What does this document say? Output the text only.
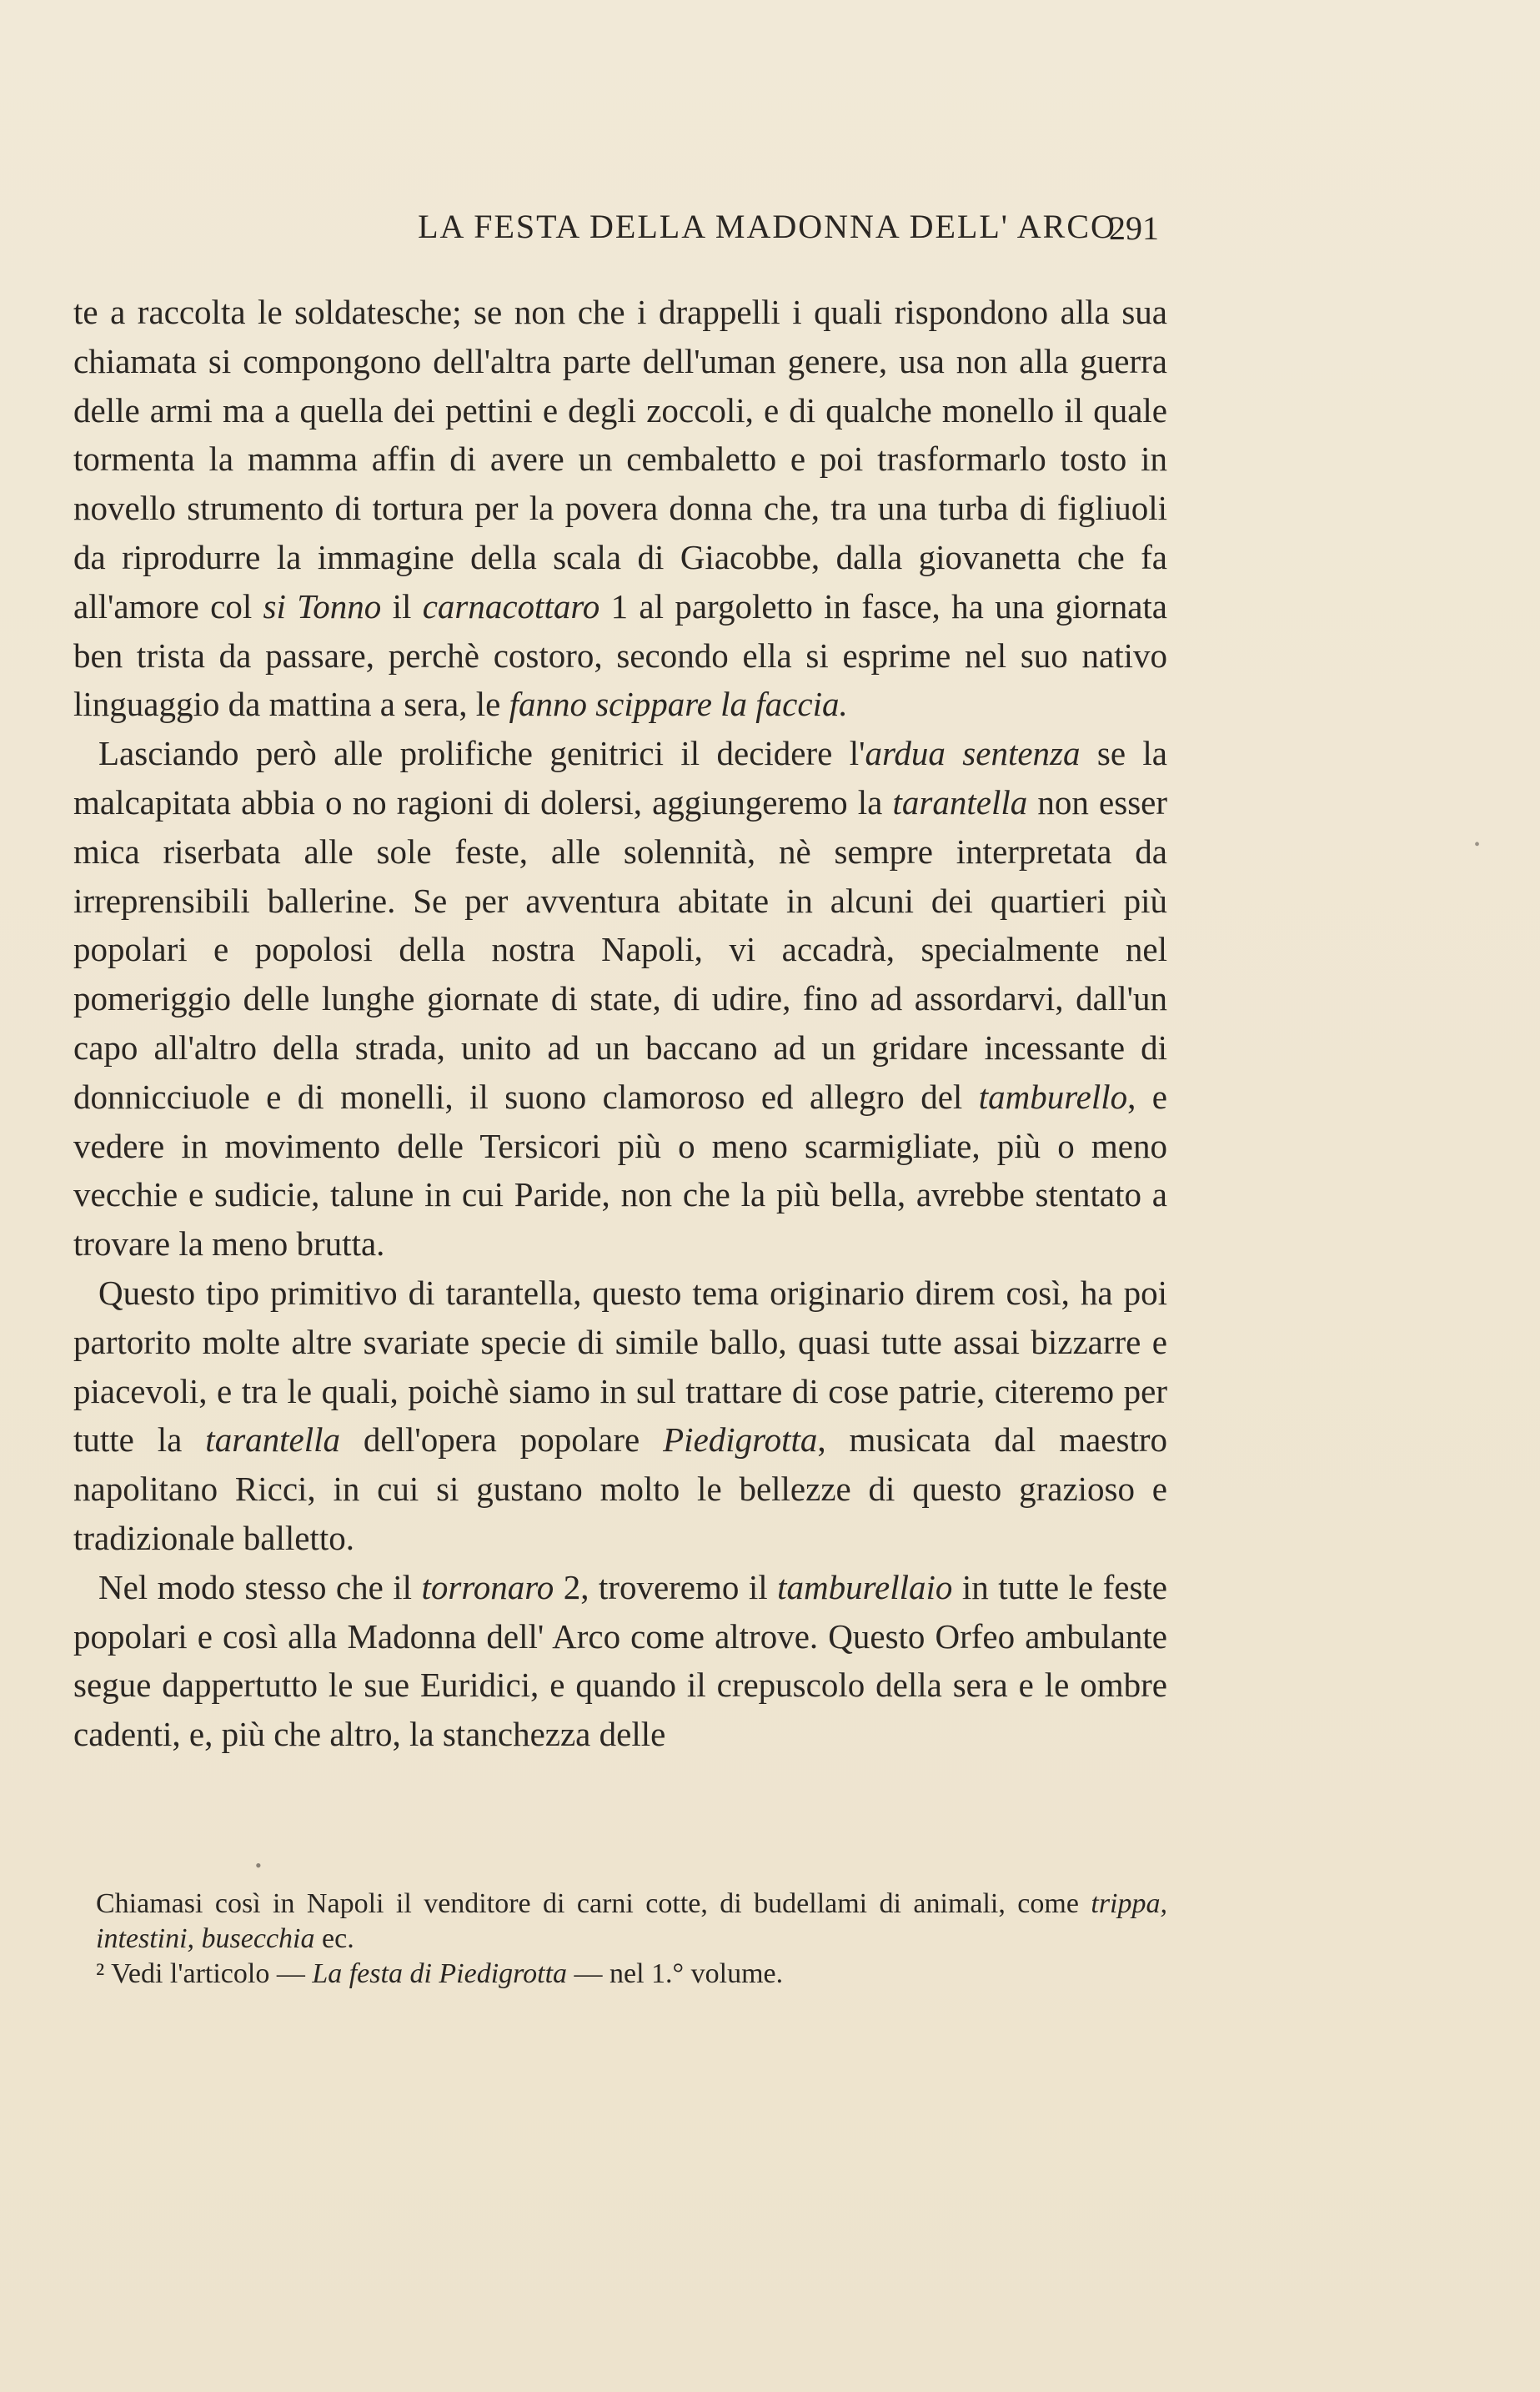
LA FESTA DELLA MADONNA DELL' ARCO
291

te a raccolta le soldatesche; se non che i drappelli i quali rispondono alla sua chiamata si compongono dell'altra parte dell'uman genere, usa non alla guerra delle armi ma a quella dei pettini e degli zoccoli, e di qualche monello il quale tormenta la mamma affin di avere un cembaletto e poi trasformarlo tosto in novello strumento di tortura per la povera donna che, tra una turba di figliuoli da riprodurre la immagine della scala di Giacobbe, dalla giovanetta che fa all'amore col si Tonno il carnacottaro 1 al pargoletto in fasce, ha una giornata ben trista da passare, perchè costoro, secondo ella si esprime nel suo nativo linguaggio da mattina a sera, le fanno scippare la faccia.

Lasciando però alle prolifiche genitrici il decidere l'ardua sentenza se la malcapitata abbia o no ragioni di dolersi, aggiungeremo la tarantella non esser mica riserbata alle sole feste, alle solennità, nè sempre interpretata da irreprensibili ballerine. Se per avventura abitate in alcuni dei quartieri più popolari e popolosi della nostra Napoli, vi accadrà, specialmente nel pomeriggio delle lunghe giornate di state, di udire, fino ad assordarvi, dall'un capo all'altro della strada, unito ad un baccano ad un gridare incessante di donnicciuole e di monelli, il suono clamoroso ed allegro del tamburello, e vedere in movimento delle Tersicori più o meno scarmigliate, più o meno vecchie e sudicie, talune in cui Paride, non che la più bella, avrebbe stentato a trovare la meno brutta.

Questo tipo primitivo di tarantella, questo tema originario direm così, ha poi partorito molte altre svariate specie di simile ballo, quasi tutte assai bizzarre e piacevoli, e tra le quali, poichè siamo in sul trattare di cose patrie, citeremo per tutte la tarantella dell'opera popolare Piedigrotta, musicata dal maestro napolitano Ricci, in cui si gustano molto le bellezze di questo grazioso e tradizionale balletto.

Nel modo stesso che il torronaro 2, troveremo il tamburellaio in tutte le feste popolari e così alla Madonna dell' Arco come altrove. Questo Orfeo ambulante segue dappertutto le sue Euridici, e quando il crepuscolo della sera e le ombre cadenti, e, più che altro, la stanchezza delle

•
•

Chiamasi così in Napoli il venditore di carni cotte, di budellami di animali, come trippa, intestini, busecchia ec.

² Vedi l'articolo — La festa di Piedigrotta — nel 1.° volume.
